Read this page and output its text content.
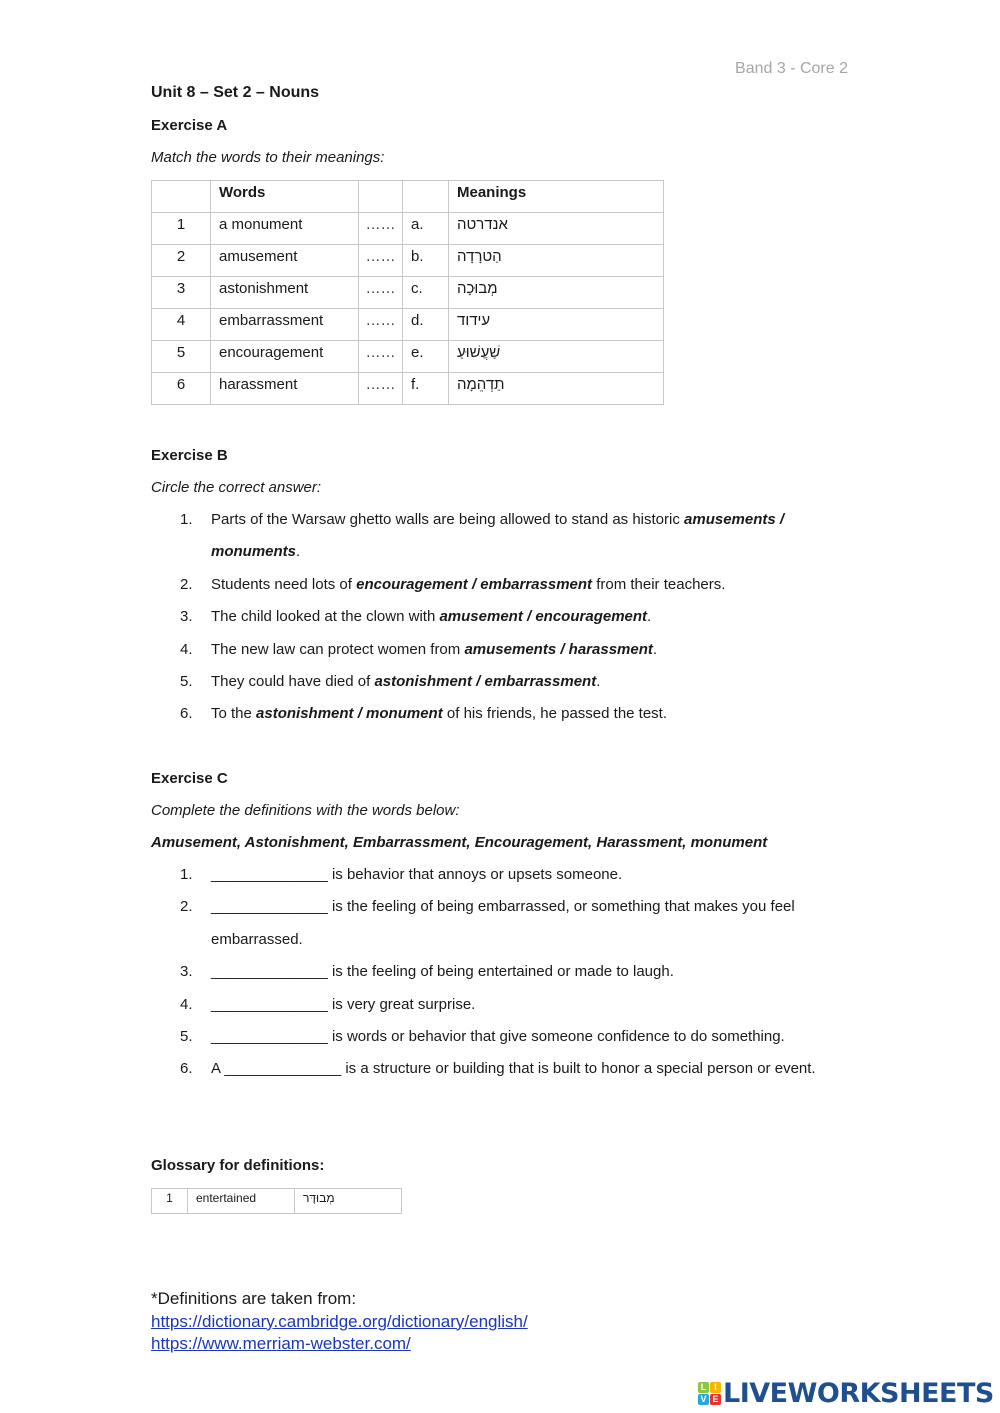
Band 3 - Core 2
Unit 8 – Set 2 – Nouns
Exercise A
Match the words to their meanings:
	Words			Meanings
1	a monument	……	a.	אנדרטה
2	amusement	……	b.	הַטרָדָה
3	astonishment	……	c.	מְבוּכָה
4	embarrassment	……	d.	עידוד
5	encouragement	……	e.	שַׁעֲשׁוּעַ
6	harassment	……	f.	תַדְהֵמָה
Exercise B
Circle the correct answer:
1. Parts of the Warsaw ghetto walls are being allowed to stand as historic amusements / monuments.
2. Students need lots of encouragement / embarrassment from their teachers.
3. The child looked at the clown with amusement / encouragement.
4. The new law can protect women from amusements / harassment.
5. They could have died of astonishment / embarrassment.
6. To the astonishment / monument of his friends, he passed the test.
Exercise C
Complete the definitions with the words below:
Amusement, Astonishment, Embarrassment, Encouragement, Harassment, monument
1. ______________ is behavior that annoys or upsets someone.
2. ______________ is the feeling of being embarrassed, or something that makes you feel embarrassed.
3. ______________ is the feeling of being entertained or made to laugh.
4. ______________ is very great surprise.
5. ______________ is words or behavior that give someone confidence to do something.
6. A ______________ is a structure or building that is built to honor a special person or event.
Glossary for definitions:
1	entertained	מְבוּדָּר
*Definitions are taken from:
https://dictionary.cambridge.org/dictionary/english/
https://www.merriam-webster.com/
L I
V E LIVEWORKSHEETS
